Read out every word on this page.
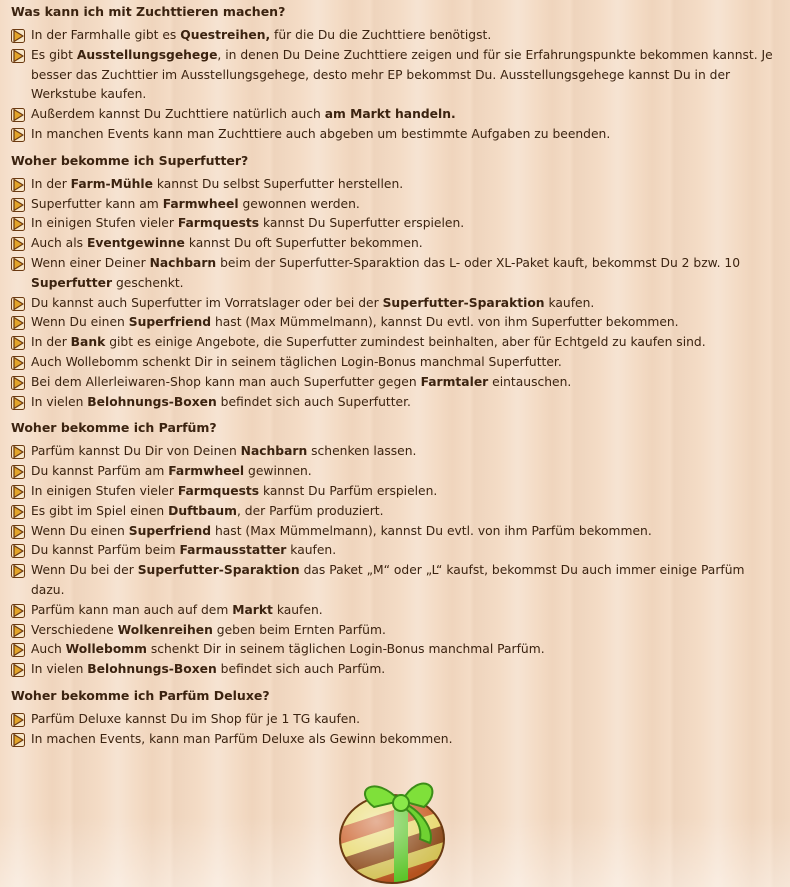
Was kann ich mit Zuchttieren machen?
In der Farmhalle gibt es Questreihen, für die Du die Zuchttiere benötigst.
Es gibt Ausstellungsgehege, in denen Du Deine Zuchttiere zeigen und für sie Erfahrungspunkte bekommen kannst. Je besser das Zuchttier im Ausstellungsgehege, desto mehr EP bekommst Du. Ausstellungsgehege kannst Du in der Werkstube kaufen.
Außerdem kannst Du Zuchttiere natürlich auch am Markt handeln.
In manchen Events kann man Zuchttiere auch abgeben um bestimmte Aufgaben zu beenden.
Woher bekomme ich Superfutter?
In der Farm-Mühle kannst Du selbst Superfutter herstellen.
Superfutter kann am Farmwheel gewonnen werden.
In einigen Stufen vieler Farmquests kannst Du Superfutter erspielen.
Auch als Eventgewinne kannst Du oft Superfutter bekommen.
Wenn einer Deiner Nachbarn beim der Superfutter-Sparaktion das L- oder XL-Paket kauft, bekommst Du 2 bzw. 10 Superfutter geschenkt.
Du kannst auch Superfutter im Vorratslager oder bei der Superfutter-Sparaktion kaufen.
Wenn Du einen Superfriend hast (Max Mümmelmann), kannst Du evtl. von ihm Superfutter bekommen.
In der Bank gibt es einige Angebote, die Superfutter zumindest beinhalten, aber für Echtgeld zu kaufen sind.
Auch Wollebomm schenkt Dir in seinem täglichen Login-Bonus manchmal Superfutter.
Bei dem Allerleiwaren-Shop kann man auch Superfutter gegen Farmtaler eintauschen.
In vielen Belohnungs-Boxen befindet sich auch Superfutter.
Woher bekomme ich Parfüm?
Parfüm kannst Du Dir von Deinen Nachbarn schenken lassen.
Du kannst Parfüm am Farmwheel gewinnen.
In einigen Stufen vieler Farmquests kannst Du Parfüm erspielen.
Es gibt im Spiel einen Duftbaum, der Parfüm produziert.
Wenn Du einen Superfriend hast (Max Mümmelmann), kannst Du evtl. von ihm Parfüm bekommen.
Du kannst Parfüm beim Farmausstatter kaufen.
Wenn Du bei der Superfutter-Sparaktion das Paket „M“ oder „L“ kaufst, bekommst Du auch immer einige Parfüm dazu.
Parfüm kann man auch auf dem Markt kaufen.
Verschiedene Wolkenreihen geben beim Ernten Parfüm.
Auch Wollebomm schenkt Dir in seinem täglichen Login-Bonus manchmal Parfüm.
In vielen Belohnungs-Boxen befindet sich auch Parfüm.
Woher bekomme ich Parfüm Deluxe?
Parfüm Deluxe kannst Du im Shop für je 1 TG kaufen.
In machen Events, kann man Parfüm Deluxe als Gewinn bekommen.
